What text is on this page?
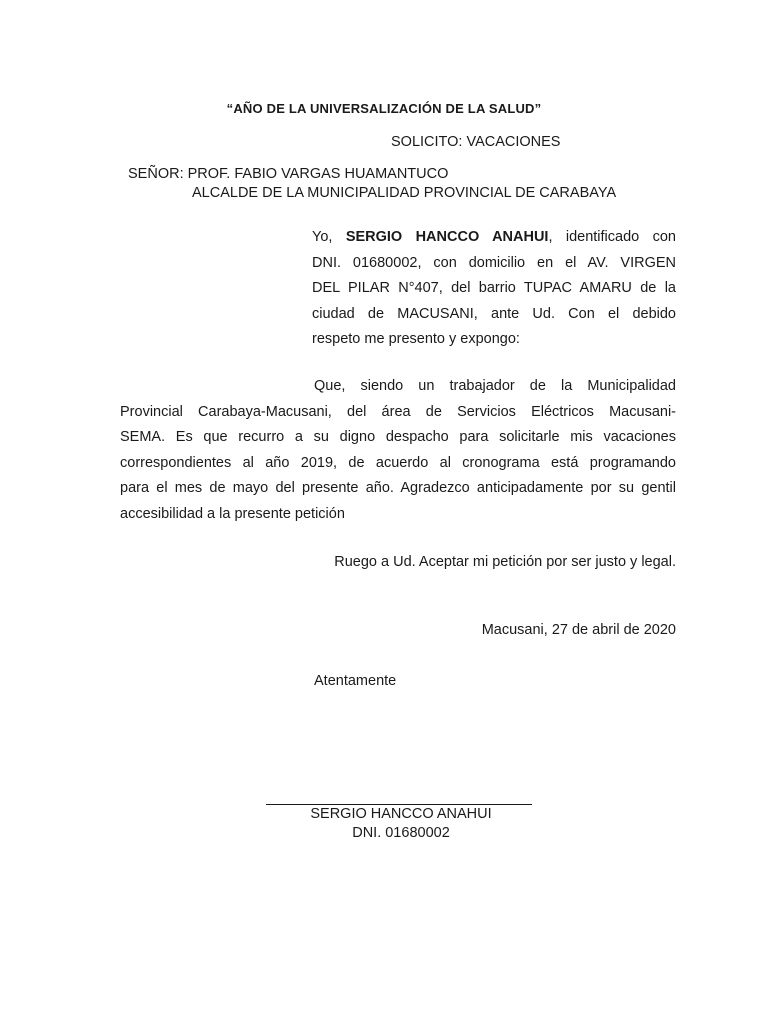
“AÑO DE LA UNIVERSALIZACIÓN DE LA SALUD”
SOLICITO: VACACIONES
SEÑOR: PROF. FABIO VARGAS HUAMANTUCO
ALCALDE DE LA MUNICIPALIDAD PROVINCIAL DE CARABAYA
Yo, SERGIO HANCCO ANAHUI, identificado con
DNI. 01680002, con domicilio en el AV. VIRGEN
DEL PILAR N°407, del barrio TUPAC AMARU de la
ciudad de MACUSANI, ante Ud. Con el debido
respeto me presento y expongo:
Que, siendo un trabajador de la Municipalidad
Provincial Carabaya-Macusani, del área de Servicios Eléctricos Macusani-
SEMA. Es que recurro a su digno despacho para solicitarle mis vacaciones
correspondientes al año 2019, de acuerdo al cronograma está programando
para el mes de mayo del presente año. Agradezco anticipadamente por su gentil
accesibilidad a la presente petición
Ruego a Ud. Aceptar mi petición por ser justo y legal.
Macusani, 27 de abril de 2020
Atentamente
SERGIO HANCCO ANAHUI
DNI. 01680002
